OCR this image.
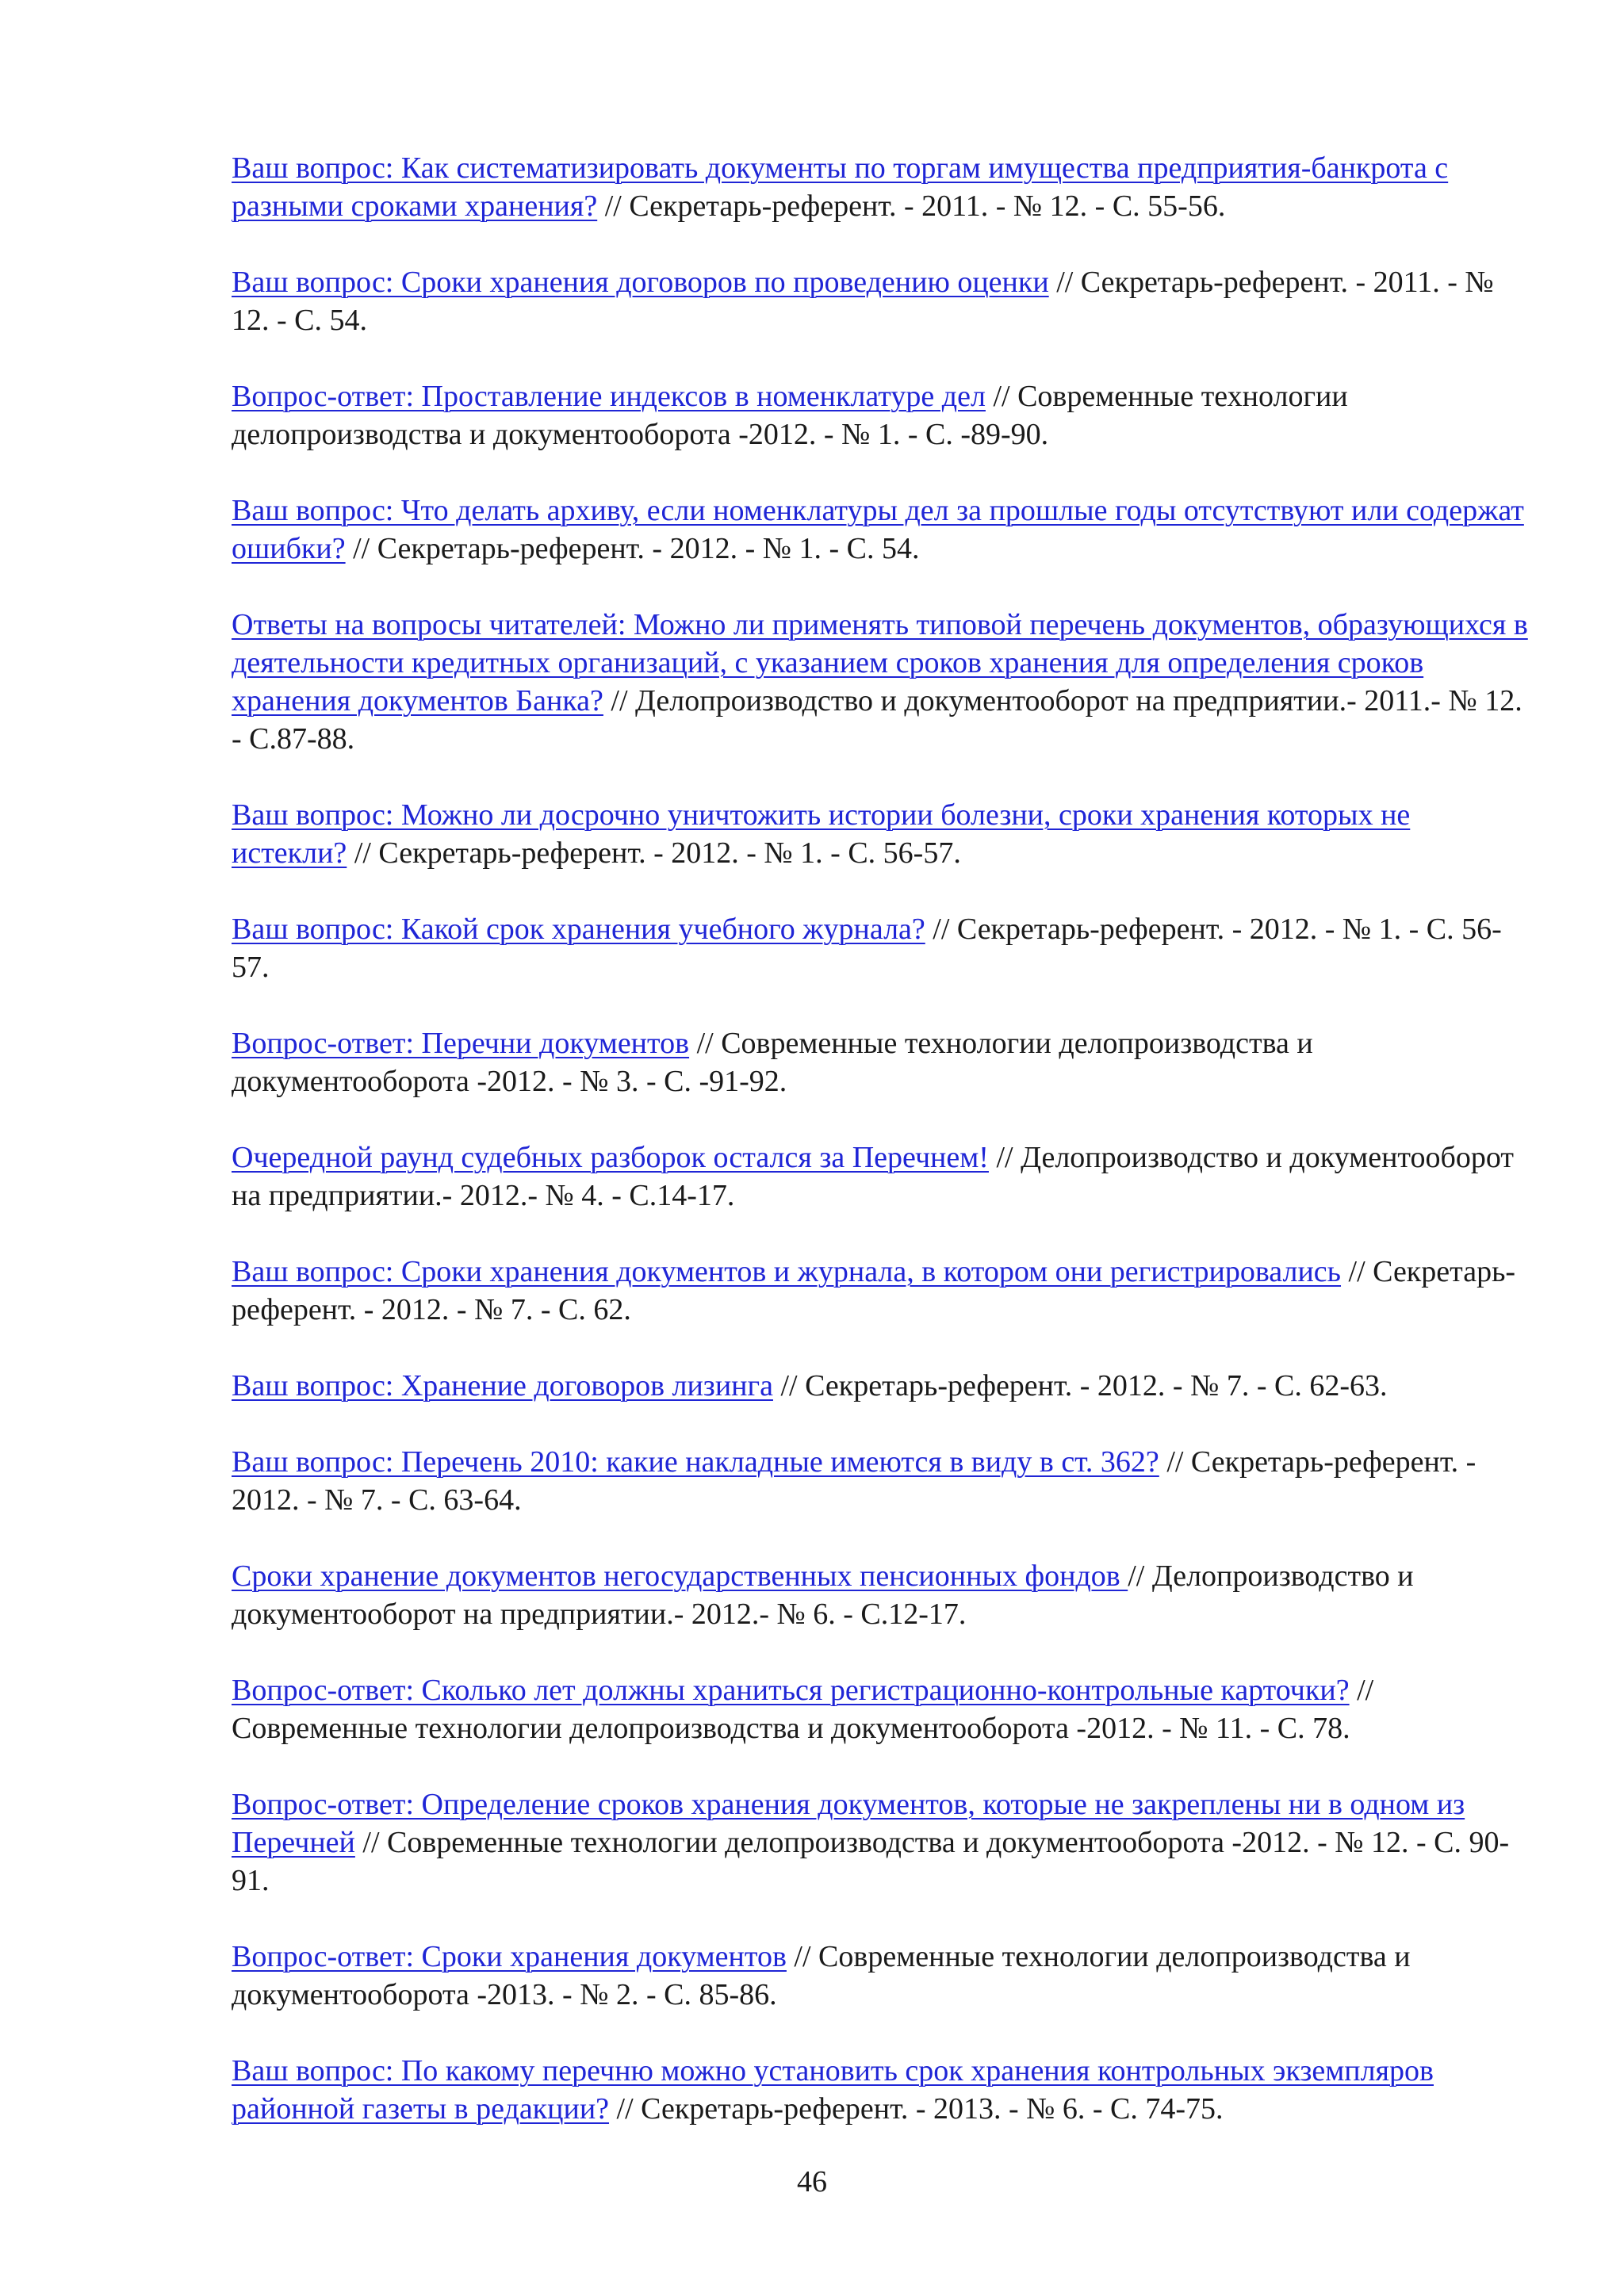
Ваш вопрос: Как систематизировать документы по торгам имущества предприятия-банкрота с разными сроками хранения? // Секретарь-референт. - 2011. - № 12. - С. 55-56.

Ваш вопрос: Сроки хранения договоров по проведению оценки // Секретарь-референт. - 2011. - № 12. - С. 54.

Вопрос-ответ: Проставление индексов в номенклатуре дел // Современные технологии делопроизводства и документооборота -2012. - № 1. - С. -89-90.

Ваш вопрос: Что делать архиву, если номенклатуры дел за прошлые годы отсутствуют или содержат ошибки? // Секретарь-референт. - 2012. - № 1. - С. 54.

Ответы на вопросы читателей: Можно ли применять типовой перечень документов, образующихся в деятельности кредитных организаций, с указанием сроков хранения для определения сроков хранения документов Банка? // Делопроизводство и документооборот на предприятии.- 2011.- № 12. - С.87-88.

Ваш вопрос: Можно ли досрочно уничтожить истории болезни, сроки хранения которых не истекли? // Секретарь-референт. - 2012. - № 1. - С. 56-57.

Ваш вопрос: Какой срок хранения учебного журнала? // Секретарь-референт. - 2012. - № 1. - С. 56-57.

Вопрос-ответ: Перечни документов // Современные технологии делопроизводства и документооборота -2012. - № 3. - С. -91-92.

Очередной раунд судебных разборок остался за Перечнем! // Делопроизводство и документооборот на предприятии.- 2012.- № 4. - С.14-17.

Ваш вопрос: Сроки хранения документов и журнала, в котором они регистрировались // Секретарь-референт. - 2012. - № 7. - С. 62.

Ваш вопрос: Хранение договоров лизинга // Секретарь-референт. - 2012. - № 7. - С. 62-63.

Ваш вопрос: Перечень 2010: какие накладные имеются в виду в ст. 362? // Секретарь-референт. - 2012. - № 7. - С. 63-64.

Сроки хранение документов негосударственных пенсионных фондов // Делопроизводство и документооборот на предприятии.- 2012.- № 6. - С.12-17.

Вопрос-ответ: Сколько лет должны храниться регистрационно-контрольные карточки? // Современные технологии делопроизводства и документооборота -2012. - № 11. - С. 78.

Вопрос-ответ: Определение сроков хранения документов, которые не закреплены ни в одном из Перечней // Современные технологии делопроизводства и документооборота -2012. - № 12. - С. 90-91.

Вопрос-ответ: Сроки хранения документов // Современные технологии делопроизводства и документооборота -2013. - № 2. - С. 85-86.

Ваш вопрос: По какому перечню можно установить срок хранения контрольных экземпляров районной газеты в редакции? // Секретарь-референт. - 2013. - № 6. - С. 74-75.

46
